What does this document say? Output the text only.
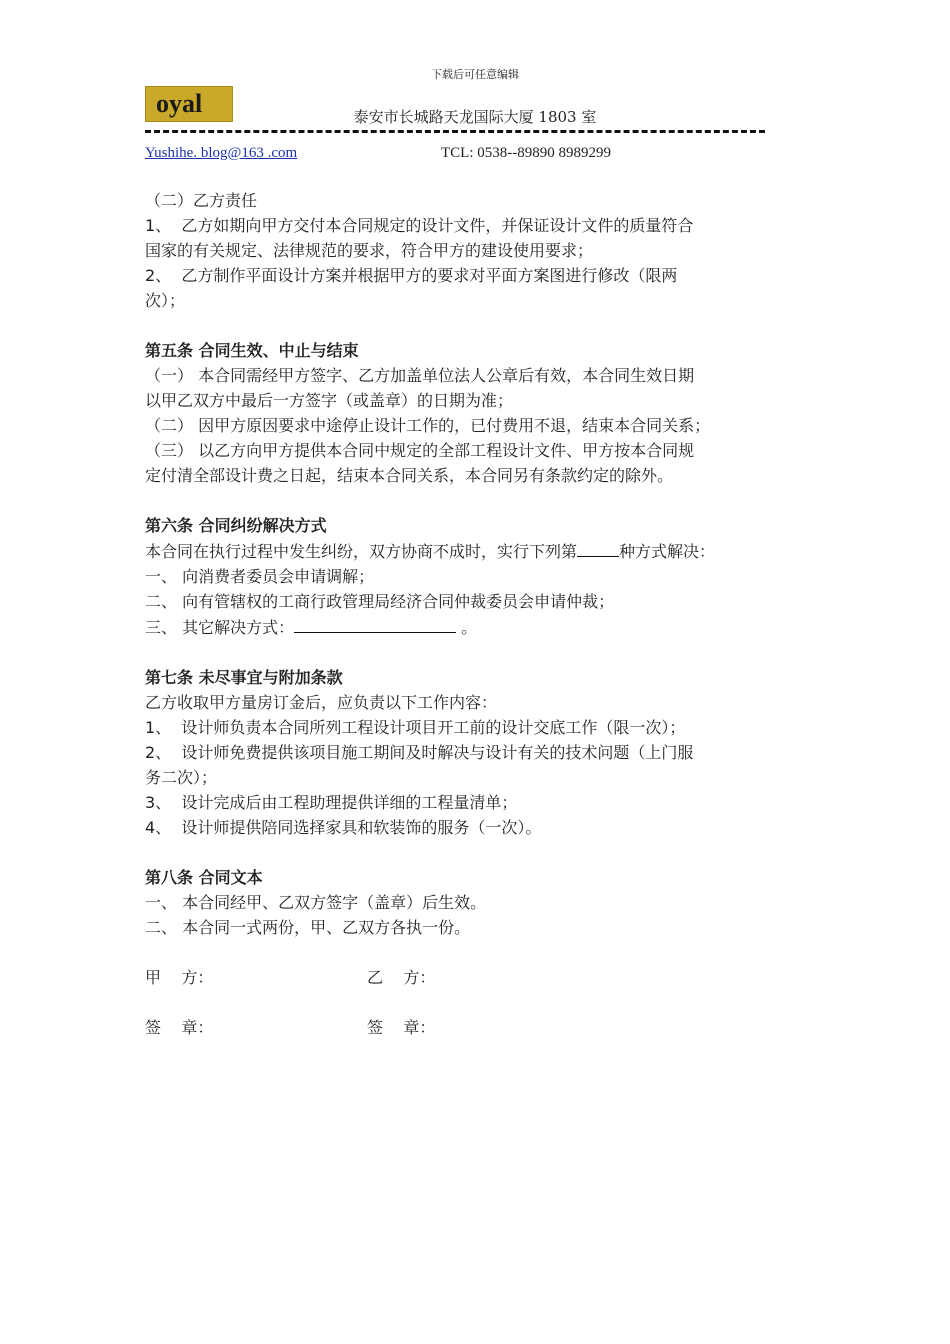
下载后可任意编辑
oyal	泰安市长城路天龙国际大厦 1803 室
Yushihe. blog@163 .com	TCL: 0538--89890 8989299

（二）乙方责任

1、  乙方如期向甲方交付本合同规定的设计文件，并保证设计文件的质量符合

国家的有关规定、法律规范的要求，符合甲方的建设使用要求；

2、  乙方制作平面设计方案并根据甲方的要求对平面方案图进行修改（限两

次）；

第五条 合同生效、中止与结束

（一） 本合同需经甲方签字、乙方加盖单位法人公章后有效，本合同生效日期

以甲乙双方中最后一方签字（或盖章）的日期为准；

（二） 因甲方原因要求中途停止设计工作的，已付费用不退，结束本合同关系；

（三） 以乙方向甲方提供本合同中规定的全部工程设计文件、甲方按本合同规

定付清全部设计费之日起，结束本合同关系，本合同另有条款约定的除外。

第六条 合同纠纷解决方式

本合同在执行过程中发生纠纷，双方协商不成时，实行下列第	种方式解决：

一、 向消费者委员会申请调解；

二、 向有管辖权的工商行政管理局经济合同仲裁委员会申请仲裁；

三、 其它解决方式：	。

第七条 未尽事宜与附加条款

乙方收取甲方量房订金后，应负责以下工作内容：

1、  设计师负责本合同所列工程设计项目开工前的设计交底工作（限一次）；

2、  设计师免费提供该项目施工期间及时解决与设计有关的技术问题（上门服

务二次）；

3、  设计完成后由工程助理提供详细的工程量清单；

4、  设计师提供陪同选择家具和软装饰的服务（一次）。

第八条 合同文本

一、 本合同经甲、乙双方签字（盖章）后生效。

二、 本合同一式两份，甲、乙双方各执一份。

甲    方：	乙    方：

签    章：	签    章：
